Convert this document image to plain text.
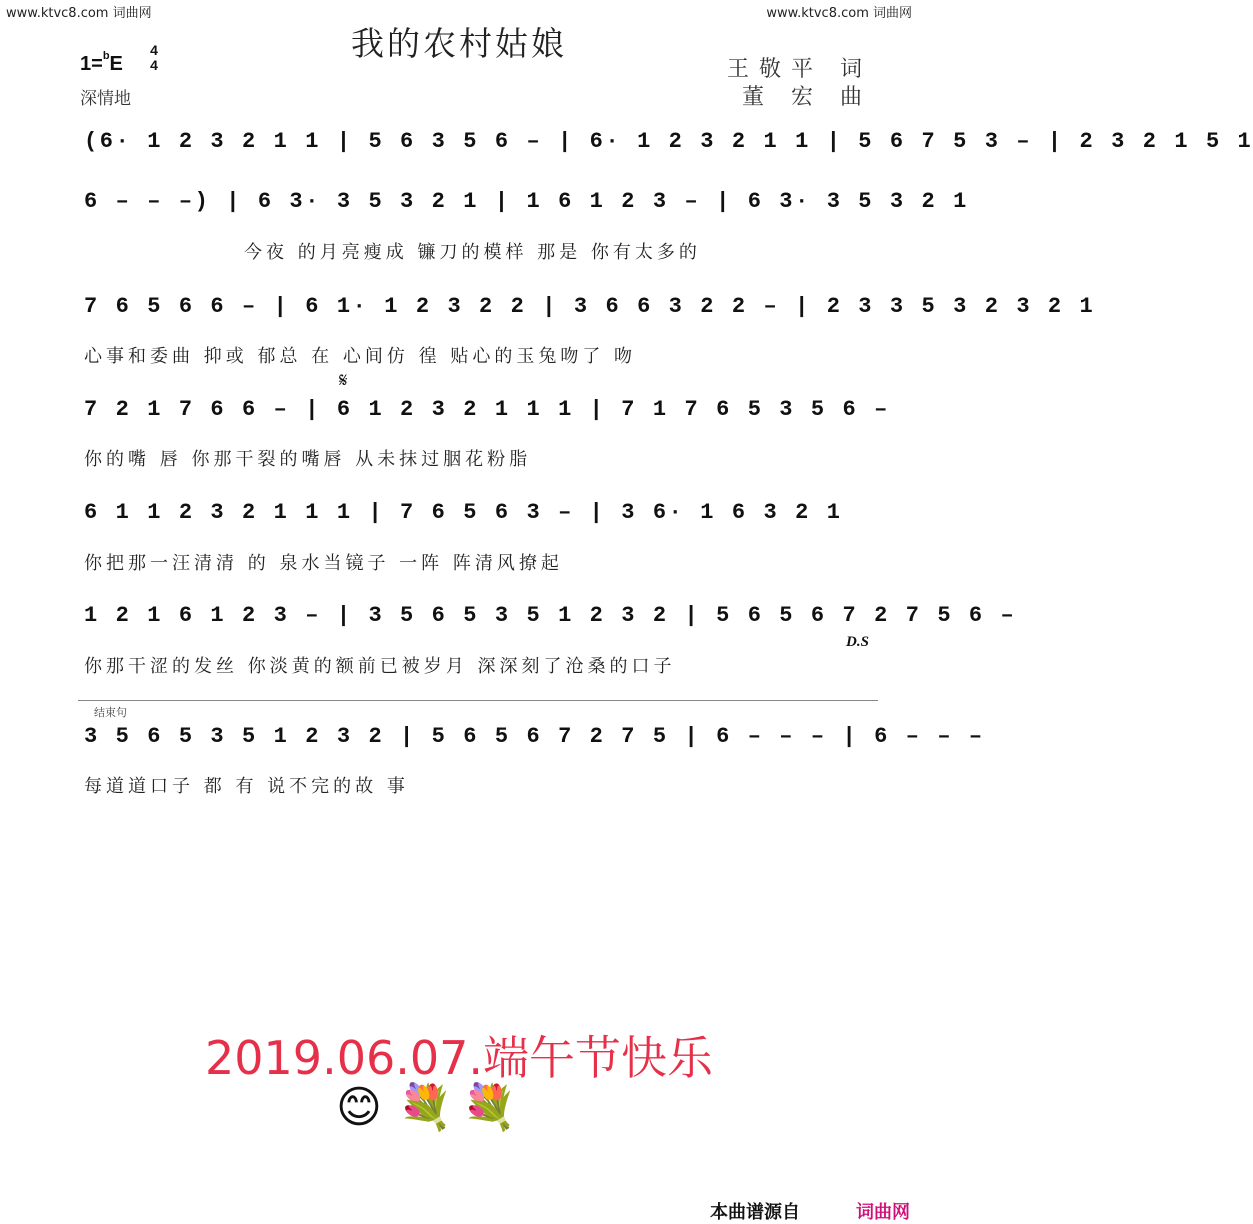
www.ktvc8.com 词曲网	www.ktvc8.com 词曲网
我的农村姑娘
1=$^b$E
4
4
深情地
王敬平 词
董 宏 曲
(6· 1 2 3 2 1 1 | 5 6 3 5 6 – | 6· 1 2 3 2 1 1 | 5 6 7 5 3 – | 2 3 2 1 5 1
6 – – –) | 6 3· 3 5 3 2 1 | 1 6 1 2 3 – | 6 3· 3 5 3 2 1
今夜 的月亮瘦成 镰刀的模样 那是 你有太多的
7 6 5 6 6 – | 6 1· 1 2 3 2 2 | 3 6 6 3 2 2 – | 2 3 3 5 3 2 3 2 1
心事和委曲 抑或 郁总 在 心间仿 徨 贴心的玉兔吻了 吻
𝄋
7 2 1 7 6 6 – | 6 1 2 3 2 1 1 1 | 7 1 7 6 5 3 5 6 –
你的嘴 唇 你那干裂的嘴唇 从未抹过胭花粉脂
6 1 1 2 3 2 1 1 1 | 7 6 5 6 3 – | 3 6· 1 6 3 2 1
你把那一汪清清 的 泉水当镜子 一阵 阵清风撩起
1 2 1 6 1 2 3 – | 3 5 6 5 3 5 1 2 3 2 | 5 6 5 6 7 2 7 5 6 –
D.S
你那干涩的发丝 你淡黄的额前已被岁月 深深刻了沧桑的口子
3 5 6 5 3 5 1 2 3 2 | 5 6 5 6 7 2 7 5 | 6 – – – | 6 – – –
每道道口子 都 有 说不完的故 事
结束句
2019.06.07.端午节快乐
😊 💐 💐
本曲谱源自	词曲网
